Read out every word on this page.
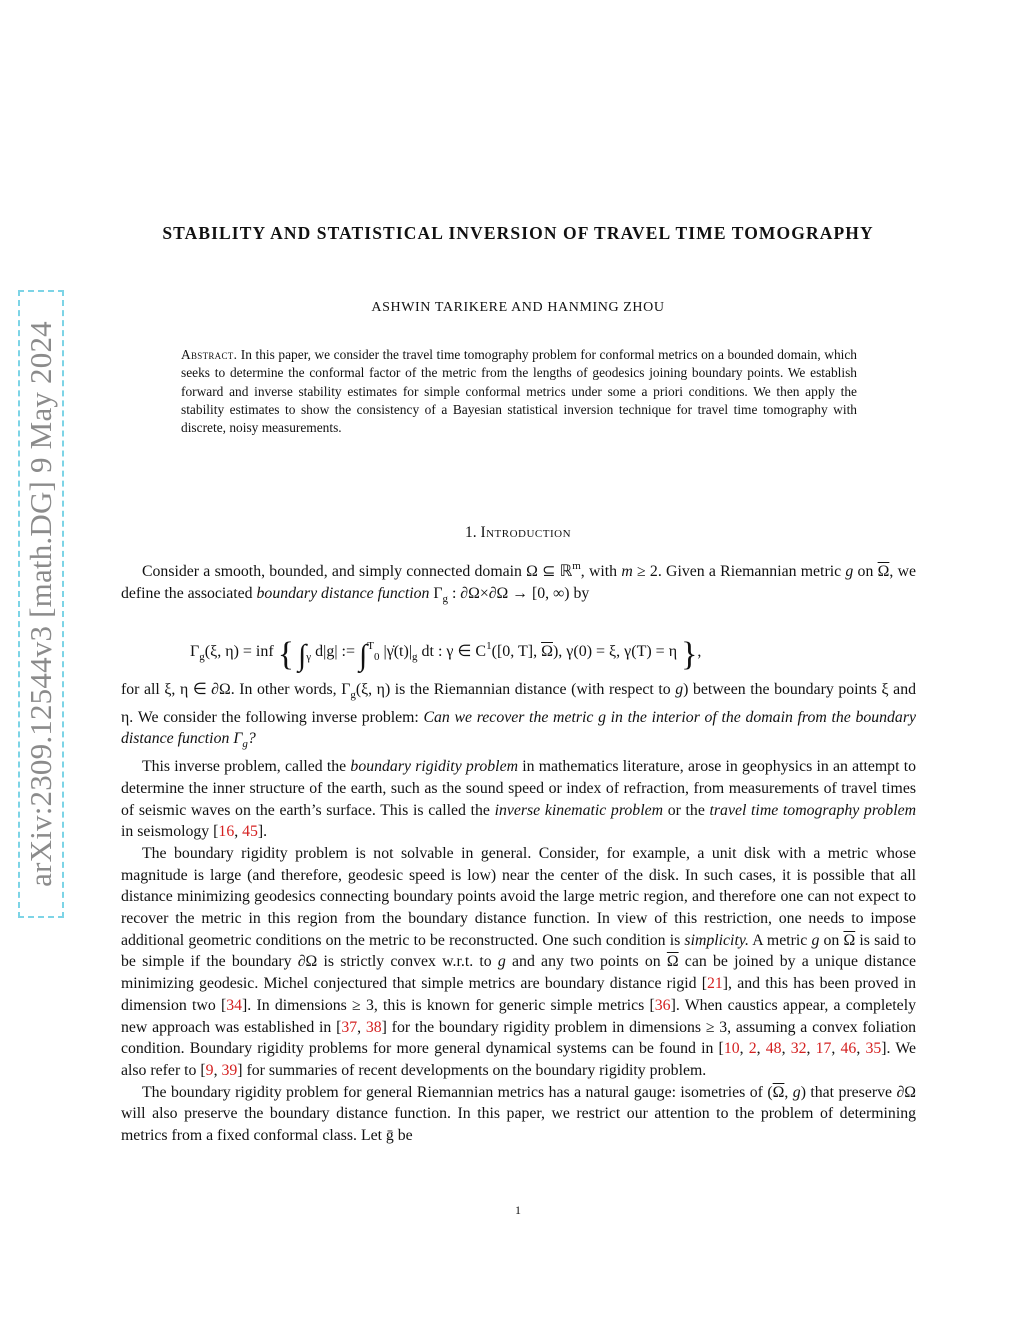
arXiv:2309.12544v3 [math.DG] 9 May 2024
STABILITY AND STATISTICAL INVERSION OF TRAVEL TIME TOMOGRAPHY
ASHWIN TARIKERE AND HANMING ZHOU
Abstract. In this paper, we consider the travel time tomography problem for conformal metrics on a bounded domain, which seeks to determine the conformal factor of the metric from the lengths of geodesics joining boundary points. We establish forward and inverse stability estimates for simple conformal metrics under some a priori conditions. We then apply the stability estimates to show the consistency of a Bayesian statistical inversion technique for travel time tomography with discrete, noisy measurements.
1. Introduction

Consider a smooth, bounded, and simply connected domain Ω ⊆ ℝ$^m$, with m ≥ 2. Given a Riemannian metric g on $\overline{\Omega}$, we define the associated boundary distance function $\Gamma_g$ : ∂Ω×∂Ω → [0, ∞) by

$\Gamma_g(\xi$, η) = inf { $\int_\gamma$ d|g| := ∫$^T_0$ $|\gammȧ(t)|_g$ dt : γ ∈ $C^1([0$, T], $\overline{\Omega}$), γ(0) = ξ, γ(T) = η },

for all ξ, η ∈ ∂Ω. In other words, $\Gamma_g(\xi$, η) is the Riemannian distance (with respect to g) between the boundary points ξ and η. We consider the following inverse problem: Can we recover the metric g in the interior of the domain from the boundary distance function $\Gamma_g$?

This inverse problem, called the boundary rigidity problem in mathematics literature, arose in geophysics in an attempt to determine the inner structure of the earth, such as the sound speed or index of refraction, from measurements of travel times of seismic waves on the earth’s surface. This is called the inverse kinematic problem or the travel time tomography problem in seismology [16, 45].

The boundary rigidity problem is not solvable in general. Consider, for example, a unit disk with a metric whose magnitude is large (and therefore, geodesic speed is low) near the center of the disk. In such cases, it is possible that all distance minimizing geodesics connecting boundary points avoid the large metric region, and therefore one can not expect to recover the metric in this region from the boundary distance function. In view of this restriction, one needs to impose additional geometric conditions on the metric to be reconstructed. One such condition is simplicity. A metric g on $\overline{\Omega}$ is said to be simple if the boundary ∂Ω is strictly convex w.r.t. to g and any two points on $\overline{\Omega}$ can be joined by a unique distance minimizing geodesic. Michel conjectured that simple metrics are boundary distance rigid [21], and this has been proved in dimension two [34]. In dimensions ≥ 3, this is known for generic simple metrics [36]. When caustics appear, a completely new approach was established in [37, 38] for the boundary rigidity problem in dimensions ≥ 3, assuming a convex foliation condition. Boundary rigidity problems for more general dynamical systems can be found in [10, 2, 48, 32, 17, 46, 35]. We also refer to [9, 39] for summaries of recent developments on the boundary rigidity problem.

The boundary rigidity problem for general Riemannian metrics has a natural gauge: isometries of ($\overline{\Omega}$, g) that preserve ∂Ω will also preserve the boundary distance function. In this paper, we restrict our attention to the problem of determining metrics from a fixed conformal class. Let ḡ be

1
